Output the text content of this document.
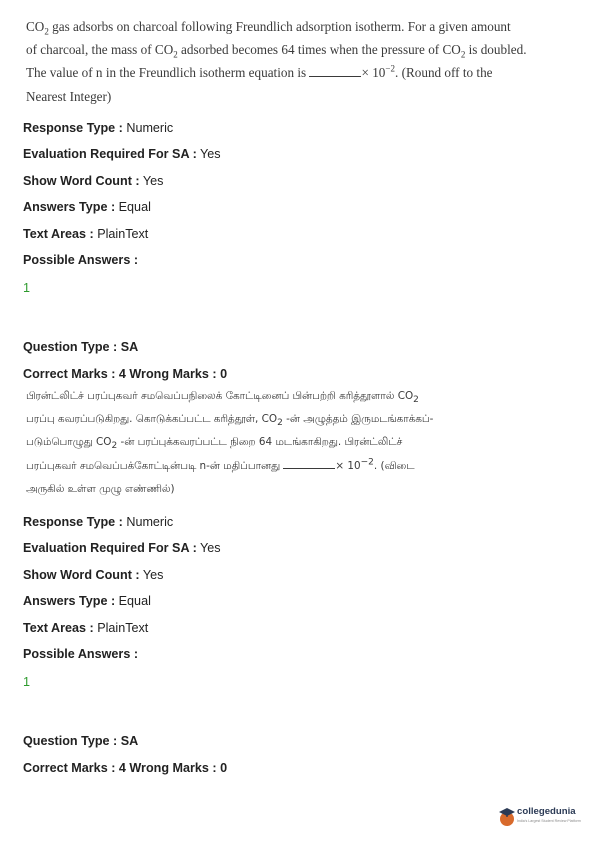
$CO_2$ gas adsorbs on charcoal following Freundlich adsorption isotherm. For a given amount
of charcoal, the mass of $CO_2$ adsorbed becomes 64 times when the pressure of $CO_2$ is doubled.
The value of n in the Freundlich isotherm equation is	× $10^{-2}$. (Round off to the
Nearest Integer)
Response Type : Numeric
Evaluation Required For SA : Yes
Show Word Count : Yes
Answers Type : Equal
Text Areas : PlainText
Possible Answers :
1
Question Type : SA
Correct Marks : 4 Wrong Marks : 0
பிரன்ட்லிட்ச் பரப்புகவர் சமவெப்பநிலைக் கோட்டினைப் பின்பற்றி கரித்தூளால் $CO_2$
பரப்பு கவரப்படுகிறது. கொடுக்கப்பட்ட கரித்தூள், $CO_2$ -ன் அழுத்தம் இருமடங்காக்கப்-
படும்பொழுது $CO_2$ -ன் பரப்புக்கவரப்பட்ட நிறை 64 மடங்காகிறது. பிரன்ட்லிட்ச்
பரப்புகவர் சமவெப்பக்கோட்டின்படி n-ன் மதிப்பானது	× $10^{-2}$. (விடை
அருகில் உள்ள முழு எண்ணில்)
Response Type : Numeric
Evaluation Required For SA : Yes
Show Word Count : Yes
Answers Type : Equal
Text Areas : PlainText
Possible Answers :
1
Question Type : SA
Correct Marks : 4 Wrong Marks : 0
collegedunia
India's Largest Student Review Platform
